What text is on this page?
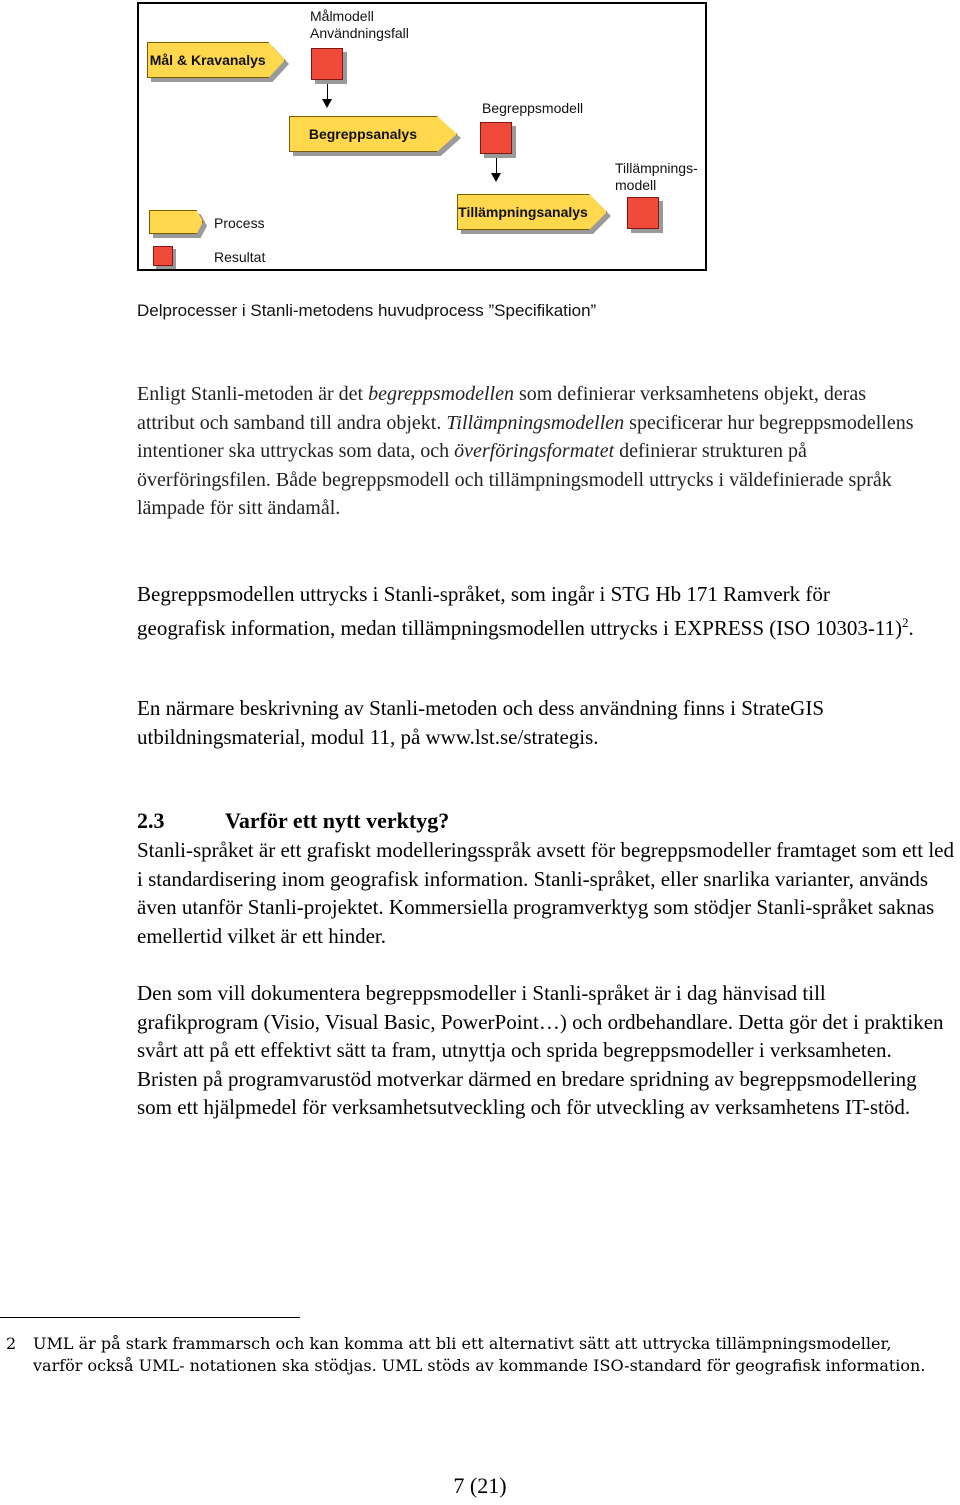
Målmodell
Användningsfall
Mål & Kravanalys
Begreppsmodell
Begreppsanalys
Tillämpnings-
modell
Tillämpningsanalys
Process
Resultat
Delprocesser i Stanli-metodens huvudprocess ”Specifikation”

Enligt Stanli-metoden är det begreppsmodellen som definierar verksamhetens objekt, deras attribut och samband till andra objekt. Tillämpningsmodellen specificerar hur begreppsmodellens intentioner ska uttryckas som data, och överföringsformatet definierar strukturen på överföringsfilen. Både begreppsmodell och tillämpningsmodell uttrycks i väldefinierade språk lämpade för sitt ändamål.

Begreppsmodellen uttrycks i Stanli-språket, som ingår i STG Hb 171 Ramverk för geografisk information, medan tillämpningsmodellen uttrycks i EXPRESS (ISO 10303-11)$^2$.

En närmare beskrivning av Stanli-metoden och dess användning finns i StrateGIS utbildningsmaterial, modul 11, på www.lst.se/strategis.

2.3	Varför ett nytt verktyg?

Stanli-språket är ett grafiskt modelleringsspråk avsett för begreppsmodeller framtaget som ett led i standardisering inom geografisk information. Stanli-språket, eller snarlika varianter, används även utanför Stanli-projektet. Kommersiella programverktyg som stödjer Stanli-språket saknas emellertid vilket är ett hinder.

Den som vill dokumentera begreppsmodeller i Stanli-språket är i dag hänvisad till grafikprogram (Visio, Visual Basic, PowerPoint…) och ordbehandlare. Detta gör det i praktiken svårt att på ett effektivt sätt ta fram, utnyttja och sprida begreppsmodeller i verksamheten. Bristen på programvarustöd motverkar därmed en bredare spridning av begreppsmodellering som ett hjälpmedel för verksamhetsutveckling och för utveckling av verksamhetens IT-stöd.

2 UML är på stark frammarsch och kan komma att bli ett alternativt sätt att uttrycka tillämpningsmodeller, varför också UML- notationen ska stödjas. UML stöds av kommande ISO-standard för geografisk information.
7 (21)
